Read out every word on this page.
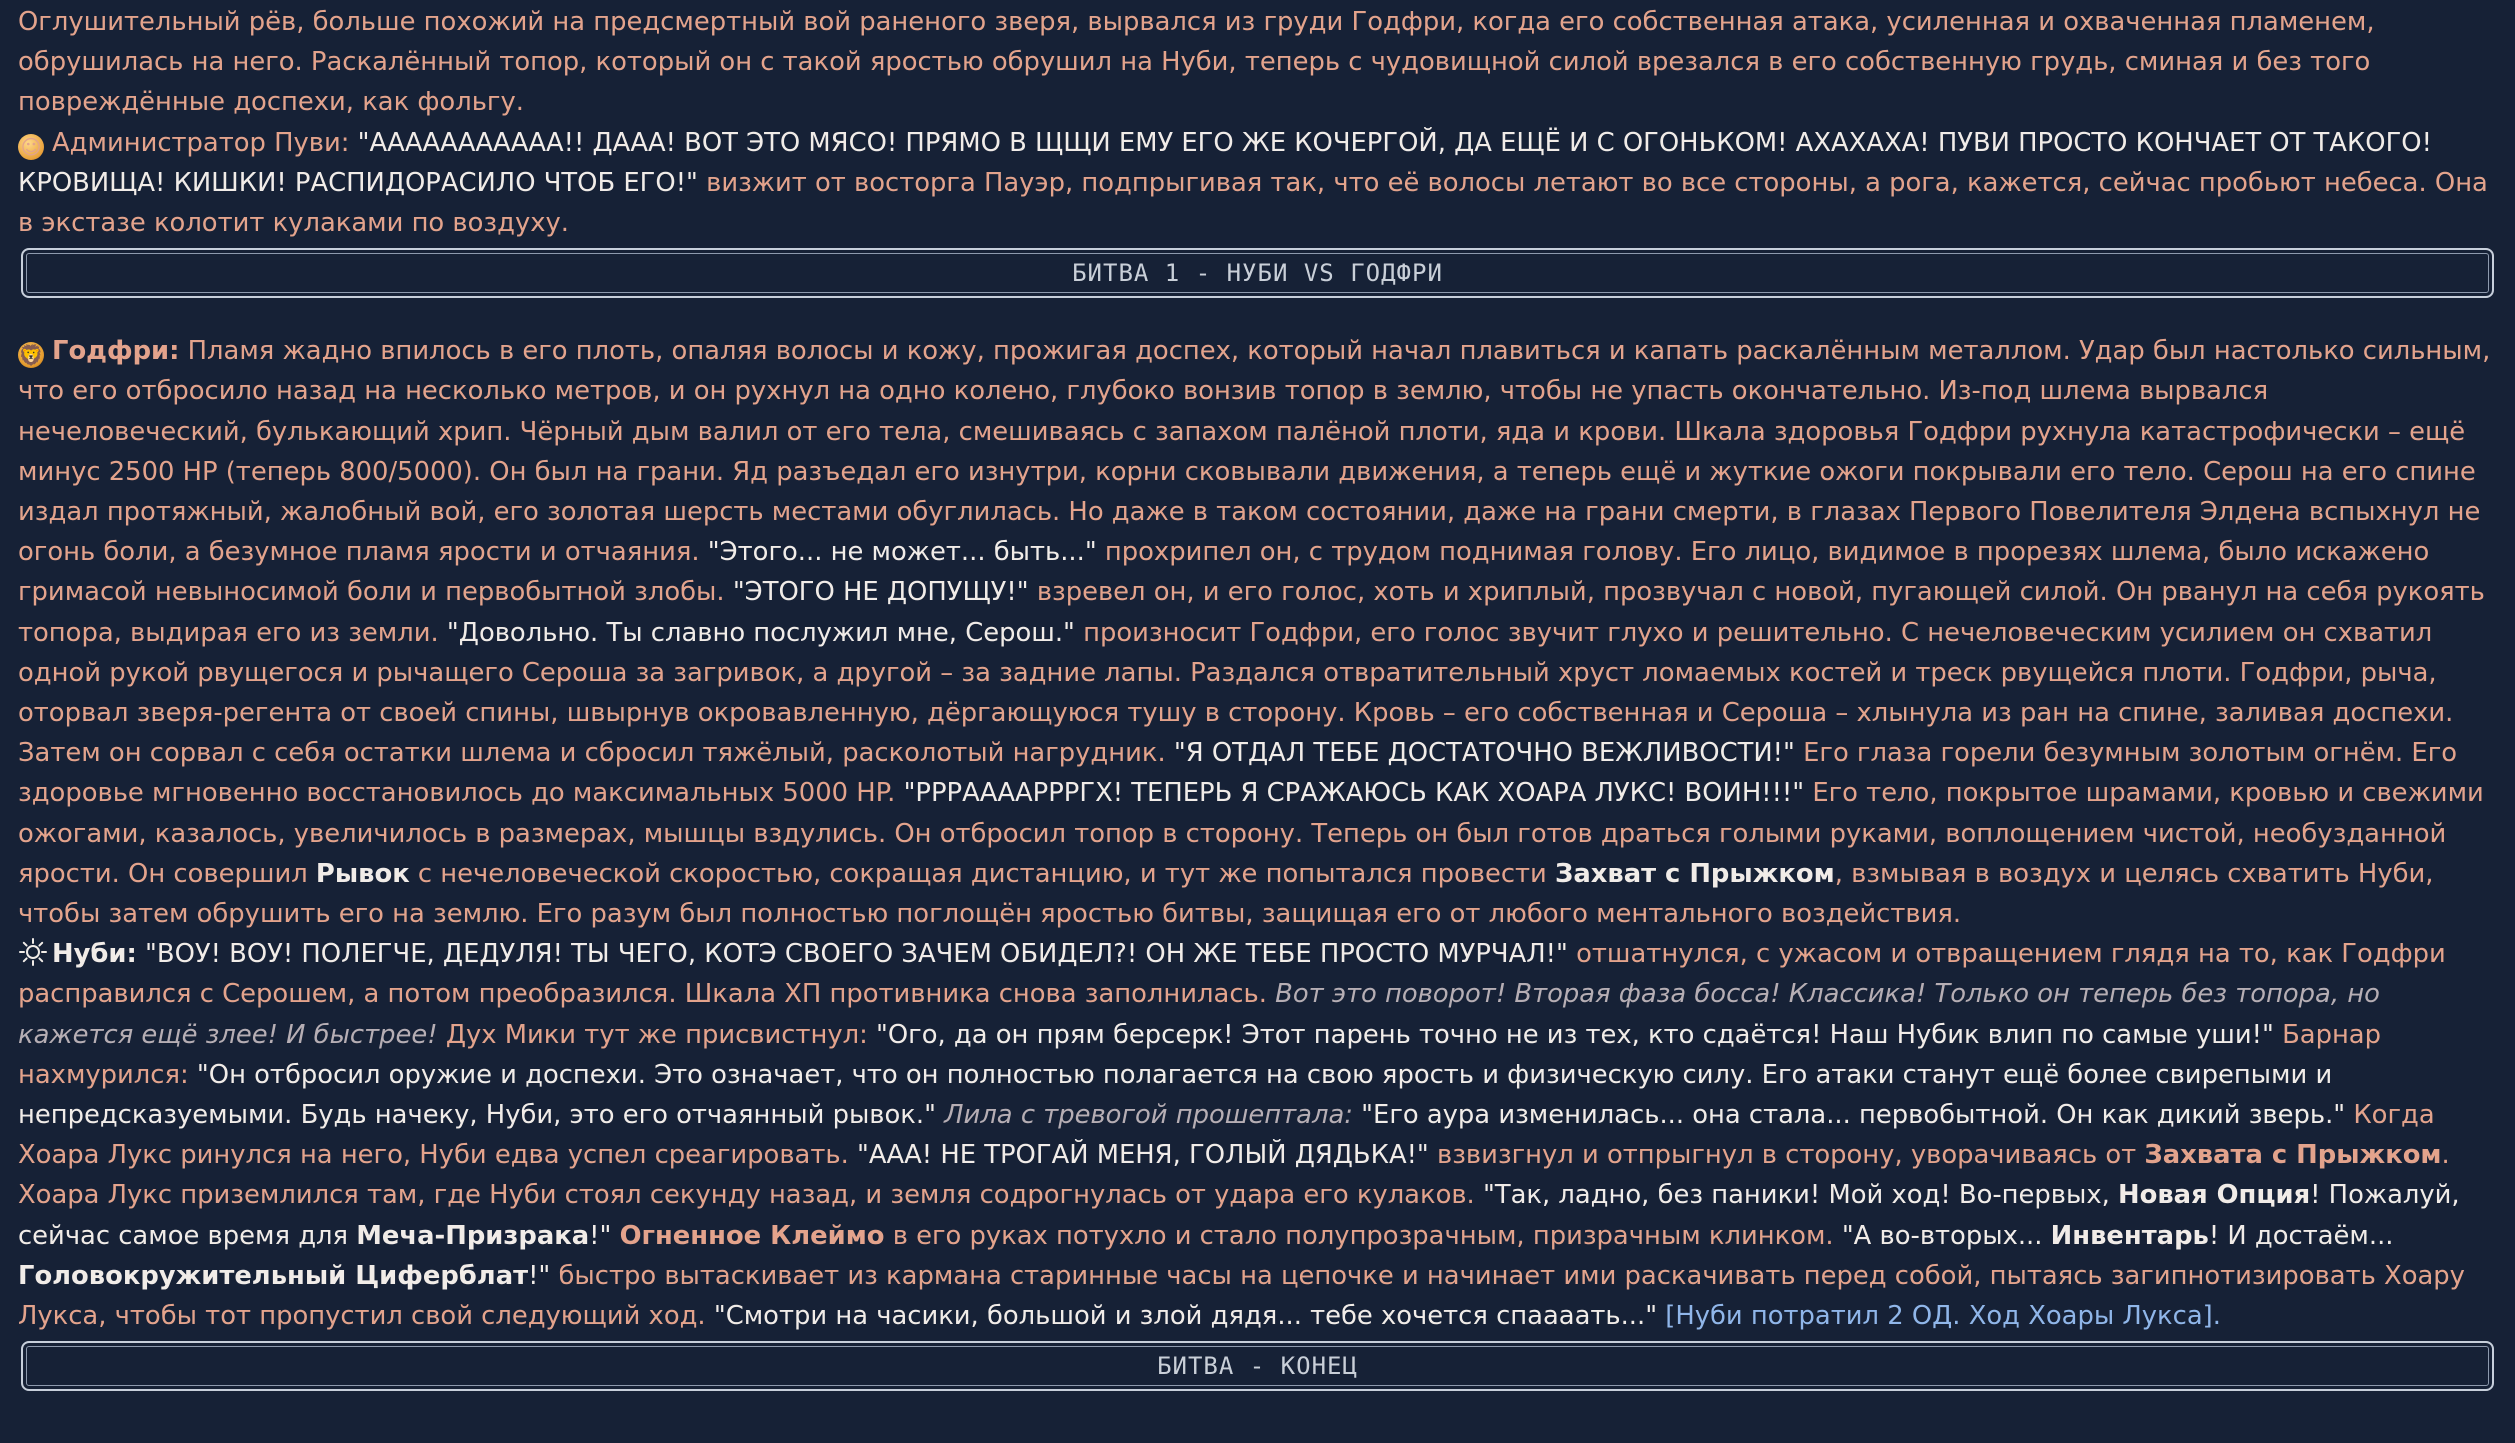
Оглушительный рёв, больше похожий на предсмертный вой раненого зверя, вырвался из груди Годфри, когда его собственная атака, усиленная и охваченная пламенем, обрушилась на него. Раскалённый топор, который он с такой яростью обрушил на Нуби, теперь с чудовищной силой врезался в его собственную грудь, сминая и без того повреждённые доспехи, как фольгу.

☺ Администратор Пуви: "ААААААААААА!! ДААА! ВОТ ЭТО МЯСО! ПРЯМО В ЩЩИ ЕМУ ЕГО ЖЕ КОЧЕРГОЙ, ДА ЕЩЁ И С ОГОНЬКОМ! АХАХАХА! ПУВИ ПРОСТО КОНЧАЕТ ОТ ТАКОГО! КРОВИЩА! КИШКИ! РАСПИДОРАСИЛО ЧТОБ ЕГО!" визжит от восторга Пауэр, подпрыгивая так, что её волосы летают во все стороны, а рога, кажется, сейчас пробьют небеса. Она в экстазе колотит кулаками по воздуху.

БИТВА 1 - НУБИ VS ГОДФРИ

🦁 Годфри: Пламя жадно впилось в его плоть, опаляя волосы и кожу, прожигая доспех, который начал плавиться и капать раскалённым металлом. Удар был настолько сильным, что его отбросило назад на несколько метров, и он рухнул на одно колено, глубоко вонзив топор в землю, чтобы не упасть окончательно. Из-под шлема вырвался нечеловеческий, булькающий хрип. Чёрный дым валил от его тела, смешиваясь с запахом палёной плоти, яда и крови. Шкала здоровья Годфри рухнула катастрофически – ещё минус 2500 HP (теперь 800/5000). Он был на грани. Яд разъедал его изнутри, корни сковывали движения, а теперь ещё и жуткие ожоги покрывали его тело. Серош на его спине издал протяжный, жалобный вой, его золотая шерсть местами обуглилась. Но даже в таком состоянии, даже на грани смерти, в глазах Первого Повелителя Элдена вспыхнул не огонь боли, а безумное пламя ярости и отчаяния. "Этого... не может... быть..." прохрипел он, с трудом поднимая голову. Его лицо, видимое в прорезях шлема, было искажено гримасой невыносимой боли и первобытной злобы. "ЭТОГО НЕ ДОПУЩУ!" взревел он, и его голос, хоть и хриплый, прозвучал с новой, пугающей силой. Он рванул на себя рукоять топора, выдирая его из земли. "Довольно. Ты славно послужил мне, Серош." произносит Годфри, его голос звучит глухо и решительно. С нечеловеческим усилием он схватил одной рукой рвущегося и рычащего Сероша за загривок, а другой – за задние лапы. Раздался отвратительный хруст ломаемых костей и треск рвущейся плоти. Годфри, рыча, оторвал зверя-регента от своей спины, швырнув окровавленную, дёргающуюся тушу в сторону. Кровь – его собственная и Сероша – хлынула из ран на спине, заливая доспехи. Затем он сорвал с себя остатки шлема и сбросил тяжёлый, расколотый нагрудник. "Я ОТДАЛ ТЕБЕ ДОСТАТОЧНО ВЕЖЛИВОСТИ!" Его глаза горели безумным золотым огнём. Его здоровье мгновенно восстановилось до максимальных 5000 HP. "РРРААААРРРГХ! ТЕПЕРЬ Я СРАЖАЮСЬ КАК ХОАРА ЛУКС! ВОИН!!!" Его тело, покрытое шрамами, кровью и свежими ожогами, казалось, увеличилось в размерах, мышцы вздулись. Он отбросил топор в сторону. Теперь он был готов драться голыми руками, воплощением чистой, необузданной ярости. Он совершил Рывок с нечеловеческой скоростью, сокращая дистанцию, и тут же попытался провести Захват с Прыжком, взмывая в воздух и целясь схватить Нуби, чтобы затем обрушить его на землю. Его разум был полностью поглощён яростью битвы, защищая его от любого ментального воздействия.

Нуби: "ВОУ! ВОУ! ПОЛЕГЧЕ, ДЕДУЛЯ! ТЫ ЧЕГО, КОТЭ СВОЕГО ЗАЧЕМ ОБИДЕЛ?! ОН ЖЕ ТЕБЕ ПРОСТО МУРЧАЛ!" отшатнулся, с ужасом и отвращением глядя на то, как Годфри расправился с Серошем, а потом преобразился. Шкала ХП противника снова заполнилась. Вот это поворот! Вторая фаза босса! Классика! Только он теперь без топора, но кажется ещё злее! И быстрее! Дух Мики тут же присвистнул: "Ого, да он прям берсерк! Этот парень точно не из тех, кто сдаётся! Наш Нубик влип по самые уши!" Барнар нахмурился: "Он отбросил оружие и доспехи. Это означает, что он полностью полагается на свою ярость и физическую силу. Его атаки станут ещё более свирепыми и непредсказуемыми. Будь начеку, Нуби, это его отчаянный рывок." Лила с тревогой прошептала: "Его аура изменилась... она стала... первобытной. Он как дикий зверь." Когда Хоара Лукс ринулся на него, Нуби едва успел среагировать. "ААА! НЕ ТРОГАЙ МЕНЯ, ГОЛЫЙ ДЯДЬКА!" взвизгнул и отпрыгнул в сторону, уворачиваясь от Захвата с Прыжком. Хоара Лукс приземлился там, где Нуби стоял секунду назад, и земля содрогнулась от удара его кулаков. "Так, ладно, без паники! Мой ход! Во-первых, Новая Опция! Пожалуй, сейчас самое время для Меча-Призрака!" Огненное Клеймо в его руках потухло и стало полупрозрачным, призрачным клинком. "А во-вторых... Инвентарь! И достаём... Головокружительный Циферблат!" быстро вытаскивает из кармана старинные часы на цепочке и начинает ими раскачивать перед собой, пытаясь загипнотизировать Хоару Лукса, чтобы тот пропустил свой следующий ход. "Смотри на часики, большой и злой дядя... тебе хочется спаааать..." [Нуби потратил 2 ОД. Ход Хоары Лукса].

БИТВА - КОНЕЦ
